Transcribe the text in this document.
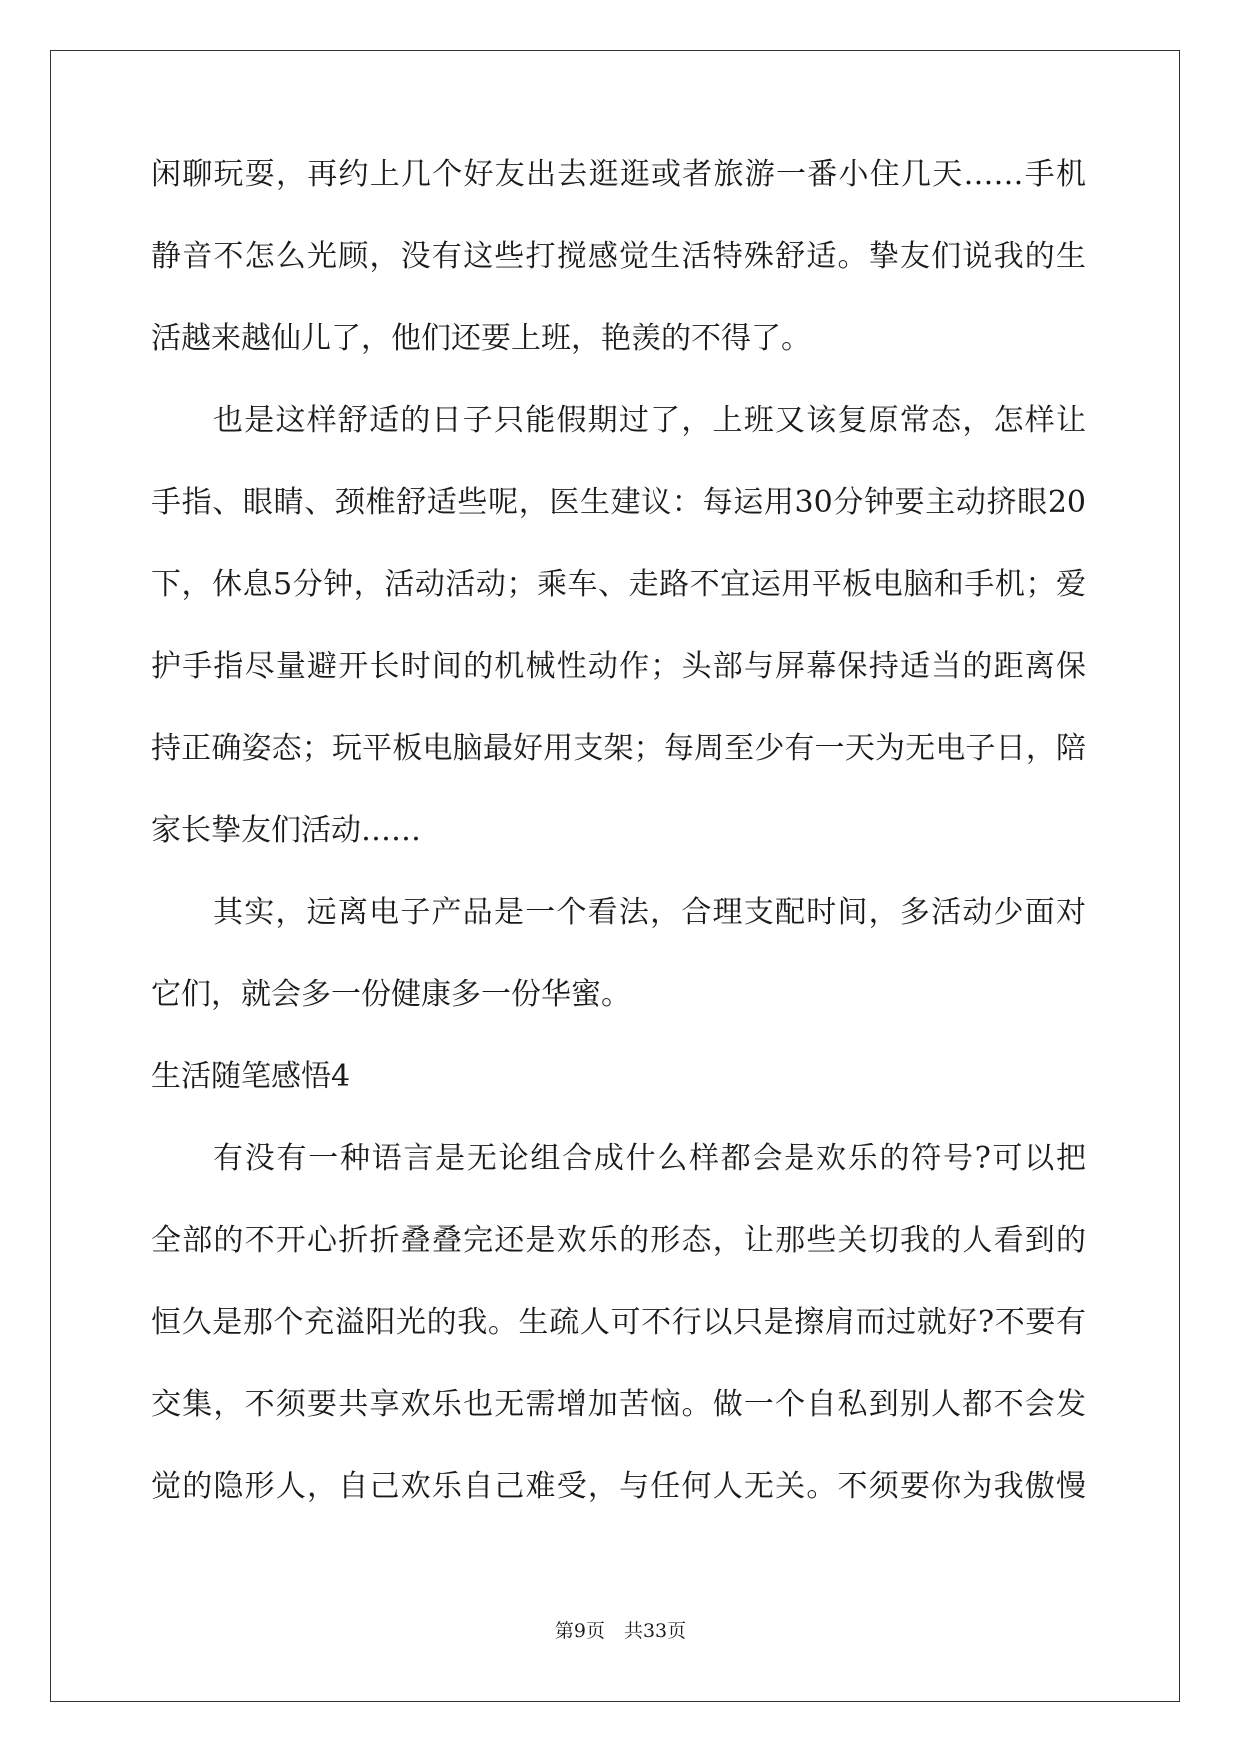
闲聊玩耍，再约上几个好友出去逛逛或者旅游一番小住几天……手机
静音不怎么光顾，没有这些打搅感觉生活特殊舒适。挚友们说我的生
活越来越仙儿了，他们还要上班，艳羡的不得了。
也是这样舒适的日子只能假期过了，上班又该复原常态，怎样让
手指、眼睛、颈椎舒适些呢，医生建议：每运用30分钟要主动挤眼20
下，休息5分钟，活动活动；乘车、走路不宜运用平板电脑和手机；爱
护手指尽量避开长时间的机械性动作；头部与屏幕保持适当的距离保
持正确姿态；玩平板电脑最好用支架；每周至少有一天为无电子日，陪
家长挚友们活动……
其实，远离电子产品是一个看法，合理支配时间，多活动少面对
它们，就会多一份健康多一份华蜜。
生活随笔感悟4
有没有一种语言是无论组合成什么样都会是欢乐的符号?可以把
全部的不开心折折叠叠完还是欢乐的形态，让那些关切我的人看到的
恒久是那个充溢阳光的我。生疏人可不行以只是擦肩而过就好?不要有
交集，不须要共享欢乐也无需增加苦恼。做一个自私到别人都不会发
觉的隐形人，自己欢乐自己难受，与任何人无关。不须要你为我傲慢
第9页　共33页
